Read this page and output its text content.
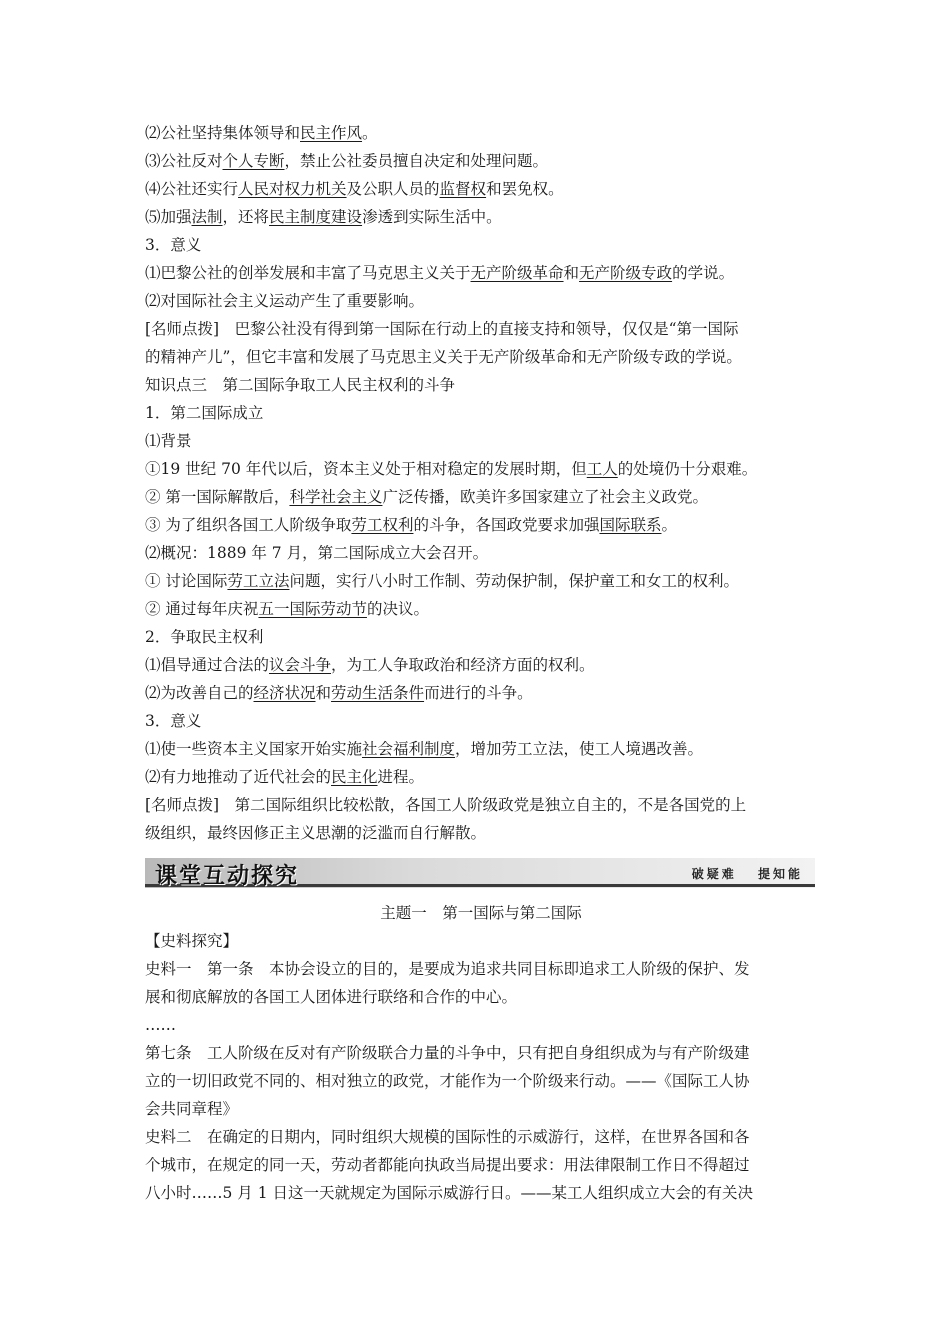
⑵公社坚持集体领导和民主作风。
⑶公社反对个人专断，禁止公社委员擅自决定和处理问题。
⑷公社还实行人民对权力机关及公职人员的监督权和罢免权。
⑸加强法制，还将民主制度建设渗透到实际生活中。
3．意义
⑴巴黎公社的创举发展和丰富了马克思主义关于无产阶级革命和无产阶级专政的学说。
⑵对国际社会主义运动产生了重要影响。
[名师点拨]　巴黎公社没有得到第一国际在行动上的直接支持和领导，仅仅是“第一国际
的精神产儿”，但它丰富和发展了马克思主义关于无产阶级革命和无产阶级专政的学说。
知识点三　第二国际争取工人民主权利的斗争
1．第二国际成立
⑴背景
①19 世纪 70 年代以后，资本主义处于相对稳定的发展时期，但工人的处境仍十分艰难。
② 第一国际解散后，科学社会主义广泛传播，欧美许多国家建立了社会主义政党。
③ 为了组织各国工人阶级争取劳工权利的斗争，各国政党要求加强国际联系。
⑵概况：1889 年 7 月，第二国际成立大会召开。
① 讨论国际劳工立法问题，实行八小时工作制、劳动保护制，保护童工和女工的权利。
② 通过每年庆祝五一国际劳动节的决议。
2．争取民主权利
⑴倡导通过合法的议会斗争，为工人争取政治和经济方面的权利。
⑵为改善自己的经济状况和劳动生活条件而进行的斗争。
3．意义
⑴使一些资本主义国家开始实施社会福利制度，增加劳工立法，使工人境遇改善。
⑵有力地推动了近代社会的民主化进程。
[名师点拨]　第二国际组织比较松散，各国工人阶级政党是独立自主的，不是各国党的上
级组织，最终因修正主义思潮的泛滥而自行解散。
课堂互动探究	破疑难 提知能
主题一　第一国际与第二国际
【史料探究】
史料一　第一条　本协会设立的目的，是要成为追求共同目标即追求工人阶级的保护、发
展和彻底解放的各国工人团体进行联络和合作的中心。
……
第七条　工人阶级在反对有产阶级联合力量的斗争中，只有把自身组织成为与有产阶级建
立的一切旧政党不同的、相对独立的政党，才能作为一个阶级来行动。——《国际工人协
会共同章程》
史料二　在确定的日期内，同时组织大规模的国际性的示威游行，这样，在世界各国和各
个城市，在规定的同一天，劳动者都能向执政当局提出要求：用法律限制工作日不得超过
八小时……5 月 1 日这一天就规定为国际示威游行日。——某工人组织成立大会的有关决
